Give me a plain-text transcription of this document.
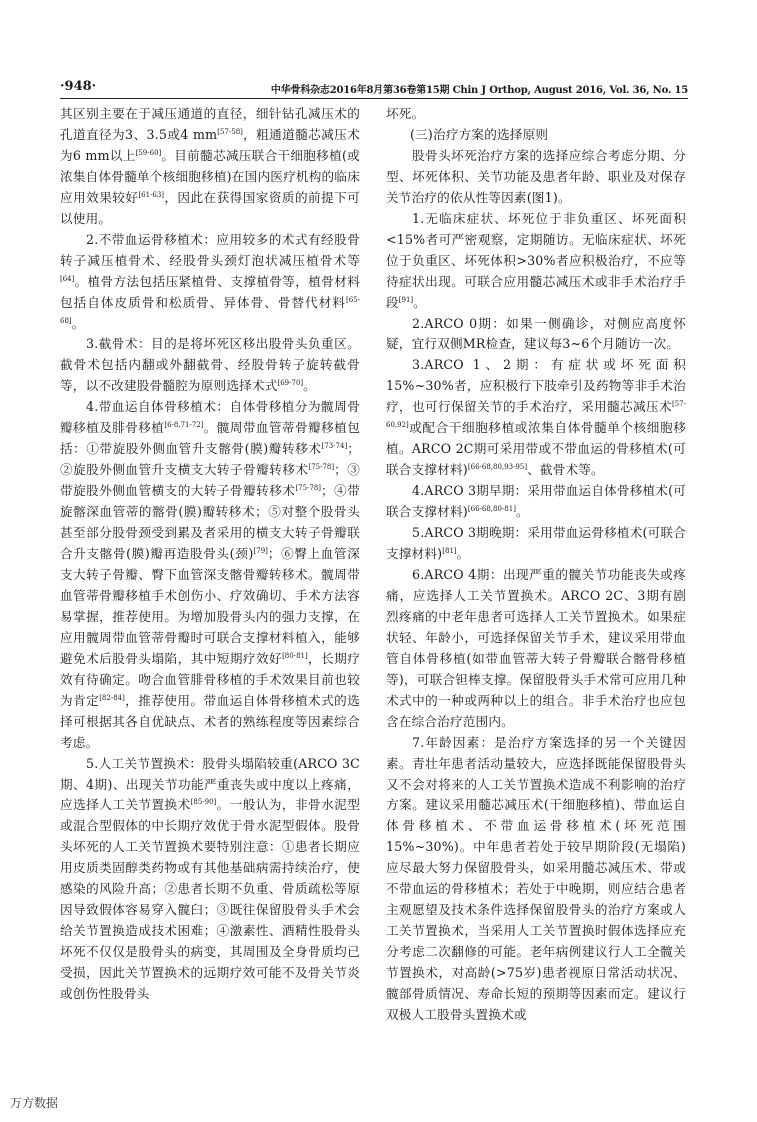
·948·	中华骨科杂志2016年8月第36卷第15期 Chin J Orthop, August 2016, Vol. 36, No. 15

其区别主要在于减压通道的直径，细针钻孔减压术的孔道直径为3、3.5或4 mm[57-58]，粗通道髓芯减压术为6 mm以上[59-60]。目前髓芯减压联合干细胞移植(或浓集自体骨髓单个核细胞移植)在国内医疗机构的临床应用效果较好[61-63]，因此在获得国家资质的前提下可以使用。

2.不带血运骨移植术：应用较多的术式有经股骨转子减压植骨术、经股骨头颈灯泡状减压植骨术等[64]。植骨方法包括压紧植骨、支撑植骨等，植骨材料包括自体皮质骨和松质骨、异体骨、骨替代材料[65-68]。

3.截骨术：目的是将坏死区移出股骨头负重区。截骨术包括内翻或外翻截骨、经股骨转子旋转截骨等，以不改建股骨髓腔为原则选择术式[69-70]。

4.带血运自体骨移植术：自体骨移植分为髋周骨瓣移植及腓骨移植[6-8,71-72]。髋周带血管蒂骨瓣移植包括：①带旋股外侧血管升支髂骨(膜)瓣转移术[73-74]；②旋股外侧血管升支横支大转子骨瓣转移术[75-78]；③带旋股外侧血管横支的大转子骨瓣转移术[75-78]；④带旋髂深血管蒂的髂骨(膜)瓣转移术；⑤对整个股骨头甚至部分股骨颈受到累及者采用的横支大转子骨瓣联合升支髂骨(膜)瓣再造股骨头(颈)[79]；⑥臀上血管深支大转子骨瓣、臀下血管深支髂骨瓣转移术。髋周带血管蒂骨瓣移植手术创伤小、疗效确切、手术方法容易掌握，推荐使用。为增加股骨头内的强力支撑，在应用髋周带血管蒂骨瓣时可联合支撑材料植入，能够避免术后股骨头塌陷，其中短期疗效好[80-81]，长期疗效有待确定。吻合血管腓骨移植的手术效果目前也较为肯定[82-84]，推荐使用。带血运自体骨移植术式的选择可根据其各自优缺点、术者的熟练程度等因素综合考虑。

5.人工关节置换术：股骨头塌陷较重(ARCO 3C期、4期)、出现关节功能严重丧失或中度以上疼痛，应选择人工关节置换术[85-90]。一般认为，非骨水泥型或混合型假体的中长期疗效优于骨水泥型假体。股骨头坏死的人工关节置换术要特别注意：①患者长期应用皮质类固醇类药物或有其他基础病需持续治疗，使感染的风险升高；②患者长期不负重、骨质疏松等原因导致假体容易穿入髋臼；③既往保留股骨头手术会给关节置换造成技术困难；④激素性、酒精性股骨头坏死不仅仅是股骨头的病变，其周围及全身骨质均已受损，因此关节置换术的远期疗效可能不及骨关节炎或创伤性股骨头

坏死。

(三)治疗方案的选择原则

股骨头坏死治疗方案的选择应综合考虑分期、分型、坏死体积、关节功能及患者年龄、职业及对保存关节治疗的依从性等因素(图1)。

1.无临床症状、坏死位于非负重区、坏死面积<15%者可严密观察，定期随访。无临床症状、坏死位于负重区、坏死体积>30%者应积极治疗，不应等待症状出现。可联合应用髓芯减压术或非手术治疗手段[91]。

2.ARCO 0期：如果一侧确诊，对侧应高度怀疑，宜行双侧MR检查，建议每3~6个月随访一次。

3.ARCO 1、2期：有症状或坏死面积15%~30%者，应积极行下肢牵引及药物等非手术治疗，也可行保留关节的手术治疗，采用髓芯减压术[57-60,92]或配合干细胞移植或浓集自体骨髓单个核细胞移植。ARCO 2C期可采用带或不带血运的骨移植术(可联合支撑材料)[66-68,80,93-95]、截骨术等。

4.ARCO 3期早期：采用带血运自体骨移植术(可联合支撑材料)[66-68,80-81]。

5.ARCO 3期晚期：采用带血运骨移植术(可联合支撑材料)[81]。

6.ARCO 4期：出现严重的髋关节功能丧失或疼痛，应选择人工关节置换术。ARCO 2C、3期有剧烈疼痛的中老年患者可选择人工关节置换术。如果症状轻、年龄小，可选择保留关节手术，建议采用带血管自体骨移植(如带血管蒂大转子骨瓣联合髂骨移植等)，可联合钽棒支撑。保留股骨头手术常可应用几种术式中的一种或两种以上的组合。非手术治疗也应包含在综合治疗范围内。

7.年龄因素：是治疗方案选择的另一个关键因素。青壮年患者活动量较大，应选择既能保留股骨头又不会对将来的人工关节置换术造成不利影响的治疗方案。建议采用髓芯减压术(干细胞移植)、带血运自体骨移植术、不带血运骨移植术(坏死范围15%~30%)。中年患者若处于较早期阶段(无塌陷)应尽最大努力保留股骨头，如采用髓芯减压术、带或不带血运的骨移植术；若处于中晚期，则应结合患者主观愿望及技术条件选择保留股骨头的治疗方案或人工关节置换术，当采用人工关节置换时假体选择应充分考虑二次翻修的可能。老年病例建议行人工全髋关节置换术，对高龄(>75岁)患者视原日常活动状况、髋部骨质情况、寿命长短的预期等因素而定。建议行双极人工股骨头置换术或

万方数据
